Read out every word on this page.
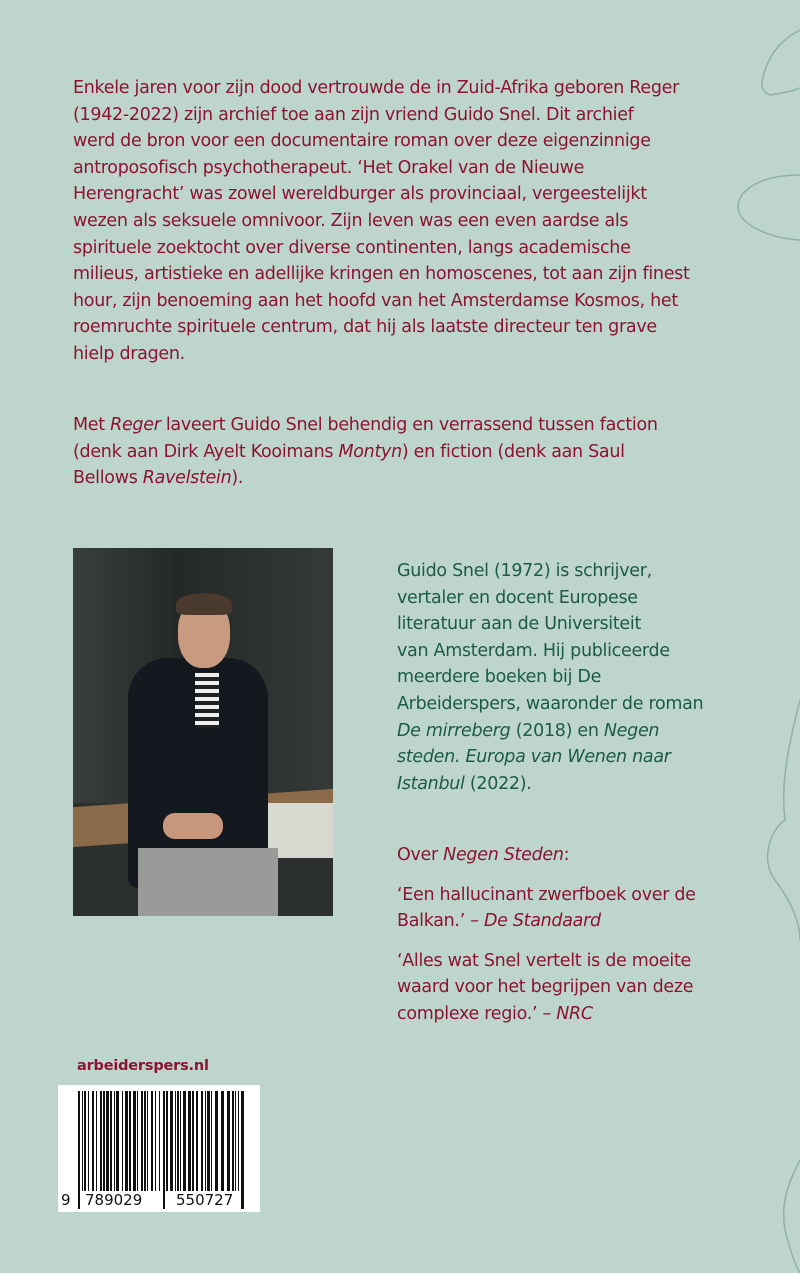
Enkele jaren voor zijn dood vertrouwde de in Zuid-Afrika geboren Reger
(1942-2022) zijn archief toe aan zijn vriend Guido Snel. Dit archief
werd de bron voor een documentaire roman over deze eigenzinnige
antroposofisch psychotherapeut. ‘Het Orakel van de Nieuwe
Herengracht’ was zowel wereldburger als provinciaal, vergeestelijkt
wezen als seksuele omnivoor. Zijn leven was een even aardse als
spirituele zoektocht over diverse continenten, langs academische
milieus, artistieke en adellijke kringen en homoscenes, tot aan zijn finest
hour, zijn benoeming aan het hoofd van het Amsterdamse Kosmos, het
roemruchte spirituele centrum, dat hij als laatste directeur ten grave
hielp dragen.
Met Reger laveert Guido Snel behendig en verrassend tussen faction
(denk aan Dirk Ayelt Kooimans Montyn) en fiction (denk aan Saul
Bellows Ravelstein).
Guido Snel (1972) is schrijver,
vertaler en docent Europese
literatuur aan de Universiteit
van Amsterdam. Hij publiceerde
meerdere boeken bij De
Arbeiderspers, waaronder de roman
De mirreberg (2018) en Negen
steden. Europa van Wenen naar
Istanbul (2022).
Over Negen Steden:
‘Een hallucinant zwerfboek over de
Balkan.’ – De Standaard
‘Alles wat Snel vertelt is de moeite
waard voor het begrijpen van deze
complexe regio.’ – NRC
arbeiderspers.nl
9 789029 550727
